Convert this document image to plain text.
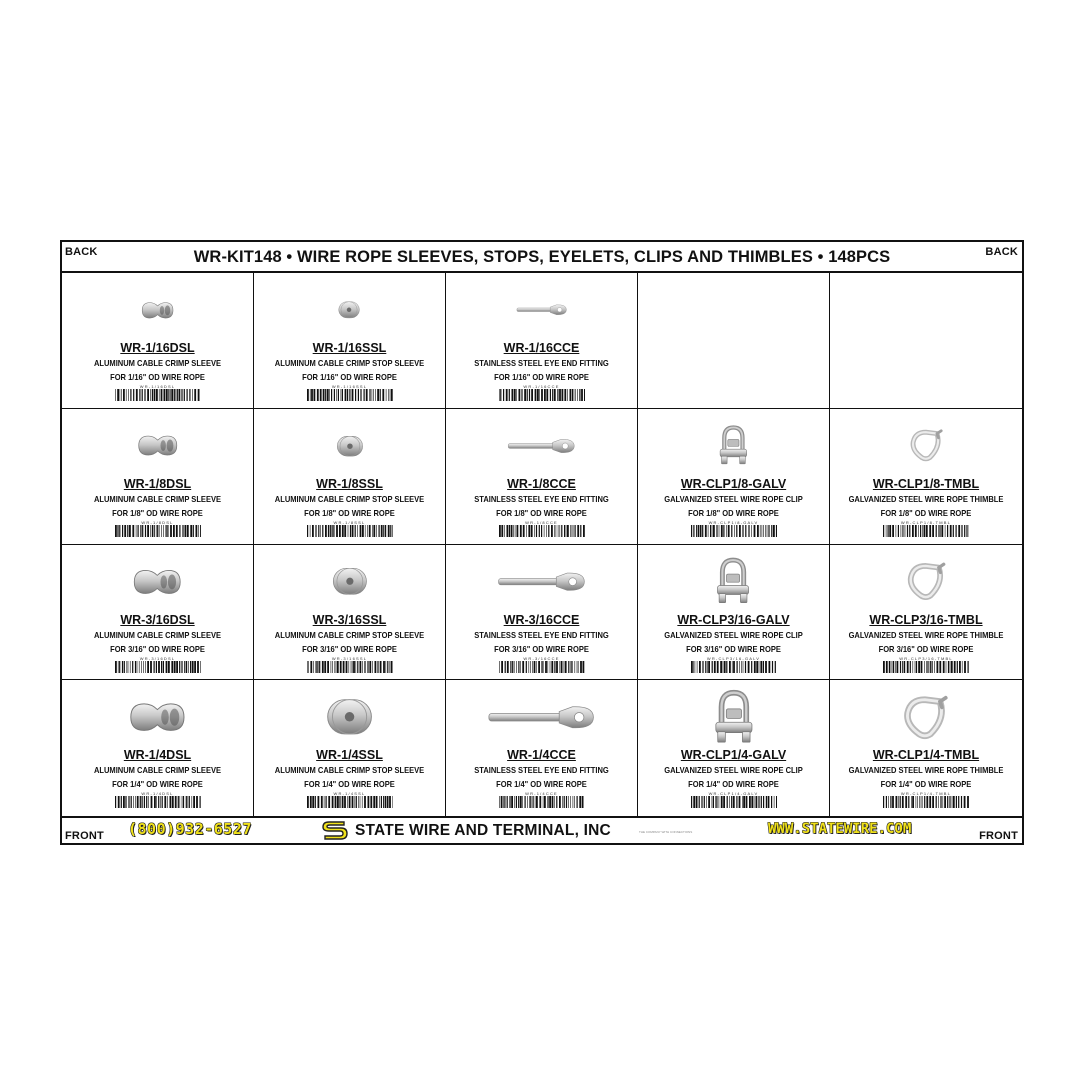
BACK	WR-KIT148 • WIRE ROPE SLEEVES, STOPS, EYELETS, CLIPS AND THIMBLES • 148PCS	BACK
WR-1/16DSL
ALUMINUM CABLE CRIMP SLEEVE
FOR 1/16" OD WIRE ROPE
WR-1/16DSL
WR-1/16SSL
ALUMINUM CABLE CRIMP STOP SLEEVE
FOR 1/16" OD WIRE ROPE
WR-1/16SSL
WR-1/16CCE
STAINLESS STEEL EYE END FITTING
FOR 1/16" OD WIRE ROPE
WR-1/16CCE
WR-1/8DSL
ALUMINUM CABLE CRIMP SLEEVE
FOR 1/8" OD WIRE ROPE
WR-1/8DSL
WR-1/8SSL
ALUMINUM CABLE CRIMP STOP SLEEVE
FOR 1/8" OD WIRE ROPE
WR-1/8SSL
WR-1/8CCE
STAINLESS STEEL EYE END FITTING
FOR 1/8" OD WIRE ROPE
WR-1/8CCE
WR-CLP1/8-GALV
GALVANIZED STEEL WIRE ROPE CLIP
FOR 1/8" OD WIRE ROPE
WR-CLP1/8-GALV
WR-CLP1/8-TMBL
GALVANIZED STEEL WIRE ROPE THIMBLE
FOR 1/8" OD WIRE ROPE
WR-CLP1/8-TMBL
WR-3/16DSL
ALUMINUM CABLE CRIMP SLEEVE
FOR 3/16" OD WIRE ROPE
WR-3/16DSL
WR-3/16SSL
ALUMINUM CABLE CRIMP STOP SLEEVE
FOR 3/16" OD WIRE ROPE
WR-3/16SSL
WR-3/16CCE
STAINLESS STEEL EYE END FITTING
FOR 3/16" OD WIRE ROPE
WR-3/16CCE
WR-CLP3/16-GALV
GALVANIZED STEEL WIRE ROPE CLIP
FOR 3/16" OD WIRE ROPE
WR-CLP3/16-GALV
WR-CLP3/16-TMBL
GALVANIZED STEEL WIRE ROPE THIMBLE
FOR 3/16" OD WIRE ROPE
WR-CLP3/16-TMBL
WR-1/4DSL
ALUMINUM CABLE CRIMP SLEEVE
FOR 1/4" OD WIRE ROPE
WR-1/4DSL
WR-1/4SSL
ALUMINUM CABLE CRIMP STOP SLEEVE
FOR 1/4" OD WIRE ROPE
WR-1/4SSL
WR-1/4CCE
STAINLESS STEEL EYE END FITTING
FOR 1/4" OD WIRE ROPE
WR-1/4CCE
WR-CLP1/4-GALV
GALVANIZED STEEL WIRE ROPE CLIP
FOR 1/4" OD WIRE ROPE
WR-CLP1/4-GALV
WR-CLP1/4-TMBL
GALVANIZED STEEL WIRE ROPE THIMBLE
FOR 1/4" OD WIRE ROPE
WR-CLP1/4-TMBL
FRONT (800)932-6527	STATE WIRE AND TERMINAL, INC	THE COMPANY WITH CONNECTIONS	WWW.STATEWIRE.COM	FRONT
